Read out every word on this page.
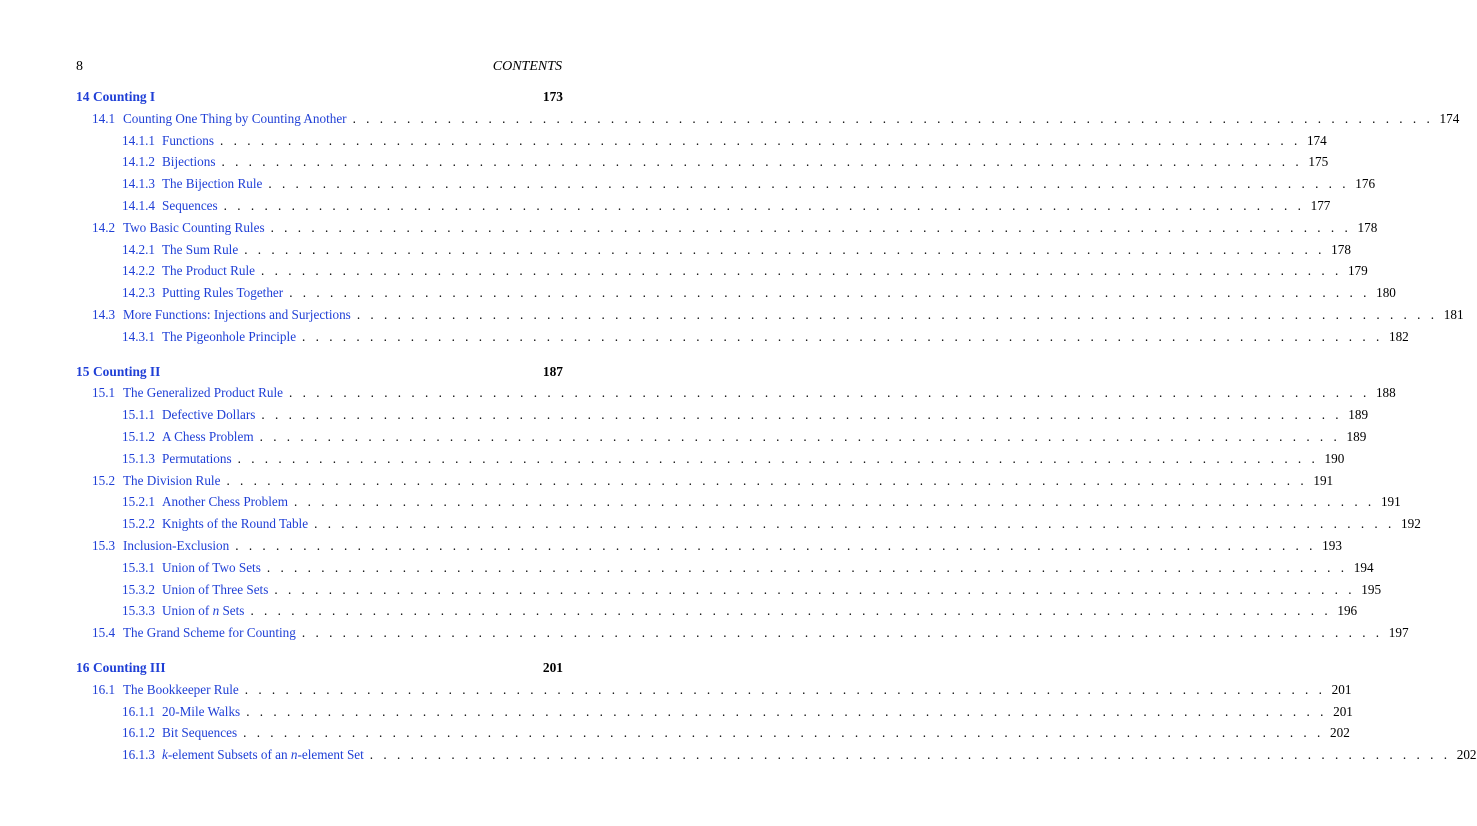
8	CONTENTS
14 Counting I	173
14.1 Counting One Thing by Counting Another . . . . . . . . . . . . . . . . . . . . . . . . . . . . . . . . . . . . . . . . . . . . . . . . . . . . . . . . . . . . . . . . . . . . . . . . . . . . . . . . 174
14.1.1 Functions . . . . . . . . . . . . . . . . . . . . . . . . . . . . . . . . . . . . . . . . . . . . . . . . . . . . . . . . . . . . . . . . . . . . . . . . . . . . . . . . 174
14.1.2 Bijections . . . . . . . . . . . . . . . . . . . . . . . . . . . . . . . . . . . . . . . . . . . . . . . . . . . . . . . . . . . . . . . . . . . . . . . . . . . . . . . . 175
14.1.3 The Bijection Rule . . . . . . . . . . . . . . . . . . . . . . . . . . . . . . . . . . . . . . . . . . . . . . . . . . . . . . . . . . . . . . . . . . . . . . . . . . . . . . . . 176
14.1.4 Sequences . . . . . . . . . . . . . . . . . . . . . . . . . . . . . . . . . . . . . . . . . . . . . . . . . . . . . . . . . . . . . . . . . . . . . . . . . . . . . . . . 177
14.2 Two Basic Counting Rules . . . . . . . . . . . . . . . . . . . . . . . . . . . . . . . . . . . . . . . . . . . . . . . . . . . . . . . . . . . . . . . . . . . . . . . . . . . . . . . . 178
14.2.1 The Sum Rule . . . . . . . . . . . . . . . . . . . . . . . . . . . . . . . . . . . . . . . . . . . . . . . . . . . . . . . . . . . . . . . . . . . . . . . . . . . . . . . . 178
14.2.2 The Product Rule . . . . . . . . . . . . . . . . . . . . . . . . . . . . . . . . . . . . . . . . . . . . . . . . . . . . . . . . . . . . . . . . . . . . . . . . . . . . . . . . 179
14.2.3 Putting Rules Together . . . . . . . . . . . . . . . . . . . . . . . . . . . . . . . . . . . . . . . . . . . . . . . . . . . . . . . . . . . . . . . . . . . . . . . . . . . . . . . . 180
14.3 More Functions: Injections and Surjections . . . . . . . . . . . . . . . . . . . . . . . . . . . . . . . . . . . . . . . . . . . . . . . . . . . . . . . . . . . . . . . . . . . . . . . . . . . . . . . . 181
14.3.1 The Pigeonhole Principle . . . . . . . . . . . . . . . . . . . . . . . . . . . . . . . . . . . . . . . . . . . . . . . . . . . . . . . . . . . . . . . . . . . . . . . . . . . . . . . . 182
15 Counting II	187
15.1 The Generalized Product Rule . . . . . . . . . . . . . . . . . . . . . . . . . . . . . . . . . . . . . . . . . . . . . . . . . . . . . . . . . . . . . . . . . . . . . . . . . . . . . . . . 188
15.1.1 Defective Dollars . . . . . . . . . . . . . . . . . . . . . . . . . . . . . . . . . . . . . . . . . . . . . . . . . . . . . . . . . . . . . . . . . . . . . . . . . . . . . . . . 189
15.1.2 A Chess Problem . . . . . . . . . . . . . . . . . . . . . . . . . . . . . . . . . . . . . . . . . . . . . . . . . . . . . . . . . . . . . . . . . . . . . . . . . . . . . . . . 189
15.1.3 Permutations . . . . . . . . . . . . . . . . . . . . . . . . . . . . . . . . . . . . . . . . . . . . . . . . . . . . . . . . . . . . . . . . . . . . . . . . . . . . . . . . 190
15.2 The Division Rule . . . . . . . . . . . . . . . . . . . . . . . . . . . . . . . . . . . . . . . . . . . . . . . . . . . . . . . . . . . . . . . . . . . . . . . . . . . . . . . . 191
15.2.1 Another Chess Problem . . . . . . . . . . . . . . . . . . . . . . . . . . . . . . . . . . . . . . . . . . . . . . . . . . . . . . . . . . . . . . . . . . . . . . . . . . . . . . . . 191
15.2.2 Knights of the Round Table . . . . . . . . . . . . . . . . . . . . . . . . . . . . . . . . . . . . . . . . . . . . . . . . . . . . . . . . . . . . . . . . . . . . . . . . . . . . . . . . 192
15.3 Inclusion-Exclusion . . . . . . . . . . . . . . . . . . . . . . . . . . . . . . . . . . . . . . . . . . . . . . . . . . . . . . . . . . . . . . . . . . . . . . . . . . . . . . . . 193
15.3.1 Union of Two Sets . . . . . . . . . . . . . . . . . . . . . . . . . . . . . . . . . . . . . . . . . . . . . . . . . . . . . . . . . . . . . . . . . . . . . . . . . . . . . . . . 194
15.3.2 Union of Three Sets . . . . . . . . . . . . . . . . . . . . . . . . . . . . . . . . . . . . . . . . . . . . . . . . . . . . . . . . . . . . . . . . . . . . . . . . . . . . . . . . 195
15.3.3 Union of n Sets . . . . . . . . . . . . . . . . . . . . . . . . . . . . . . . . . . . . . . . . . . . . . . . . . . . . . . . . . . . . . . . . . . . . . . . . . . . . . . . . 196
15.4 The Grand Scheme for Counting . . . . . . . . . . . . . . . . . . . . . . . . . . . . . . . . . . . . . . . . . . . . . . . . . . . . . . . . . . . . . . . . . . . . . . . . . . . . . . . . 197
16 Counting III	201
16.1 The Bookkeeper Rule . . . . . . . . . . . . . . . . . . . . . . . . . . . . . . . . . . . . . . . . . . . . . . . . . . . . . . . . . . . . . . . . . . . . . . . . . . . . . . . . 201
16.1.1 20-Mile Walks . . . . . . . . . . . . . . . . . . . . . . . . . . . . . . . . . . . . . . . . . . . . . . . . . . . . . . . . . . . . . . . . . . . . . . . . . . . . . . . . 201
16.1.2 Bit Sequences . . . . . . . . . . . . . . . . . . . . . . . . . . . . . . . . . . . . . . . . . . . . . . . . . . . . . . . . . . . . . . . . . . . . . . . . . . . . . . . . 202
16.1.3 k-element Subsets of an n-element Set . . . . . . . . . . . . . . . . . . . . . . . . . . . . . . . . . . . . . . . . . . . . . . . . . . . . . . . . . . . . . . . . . . . . . . . . . . . . . . . . 202
